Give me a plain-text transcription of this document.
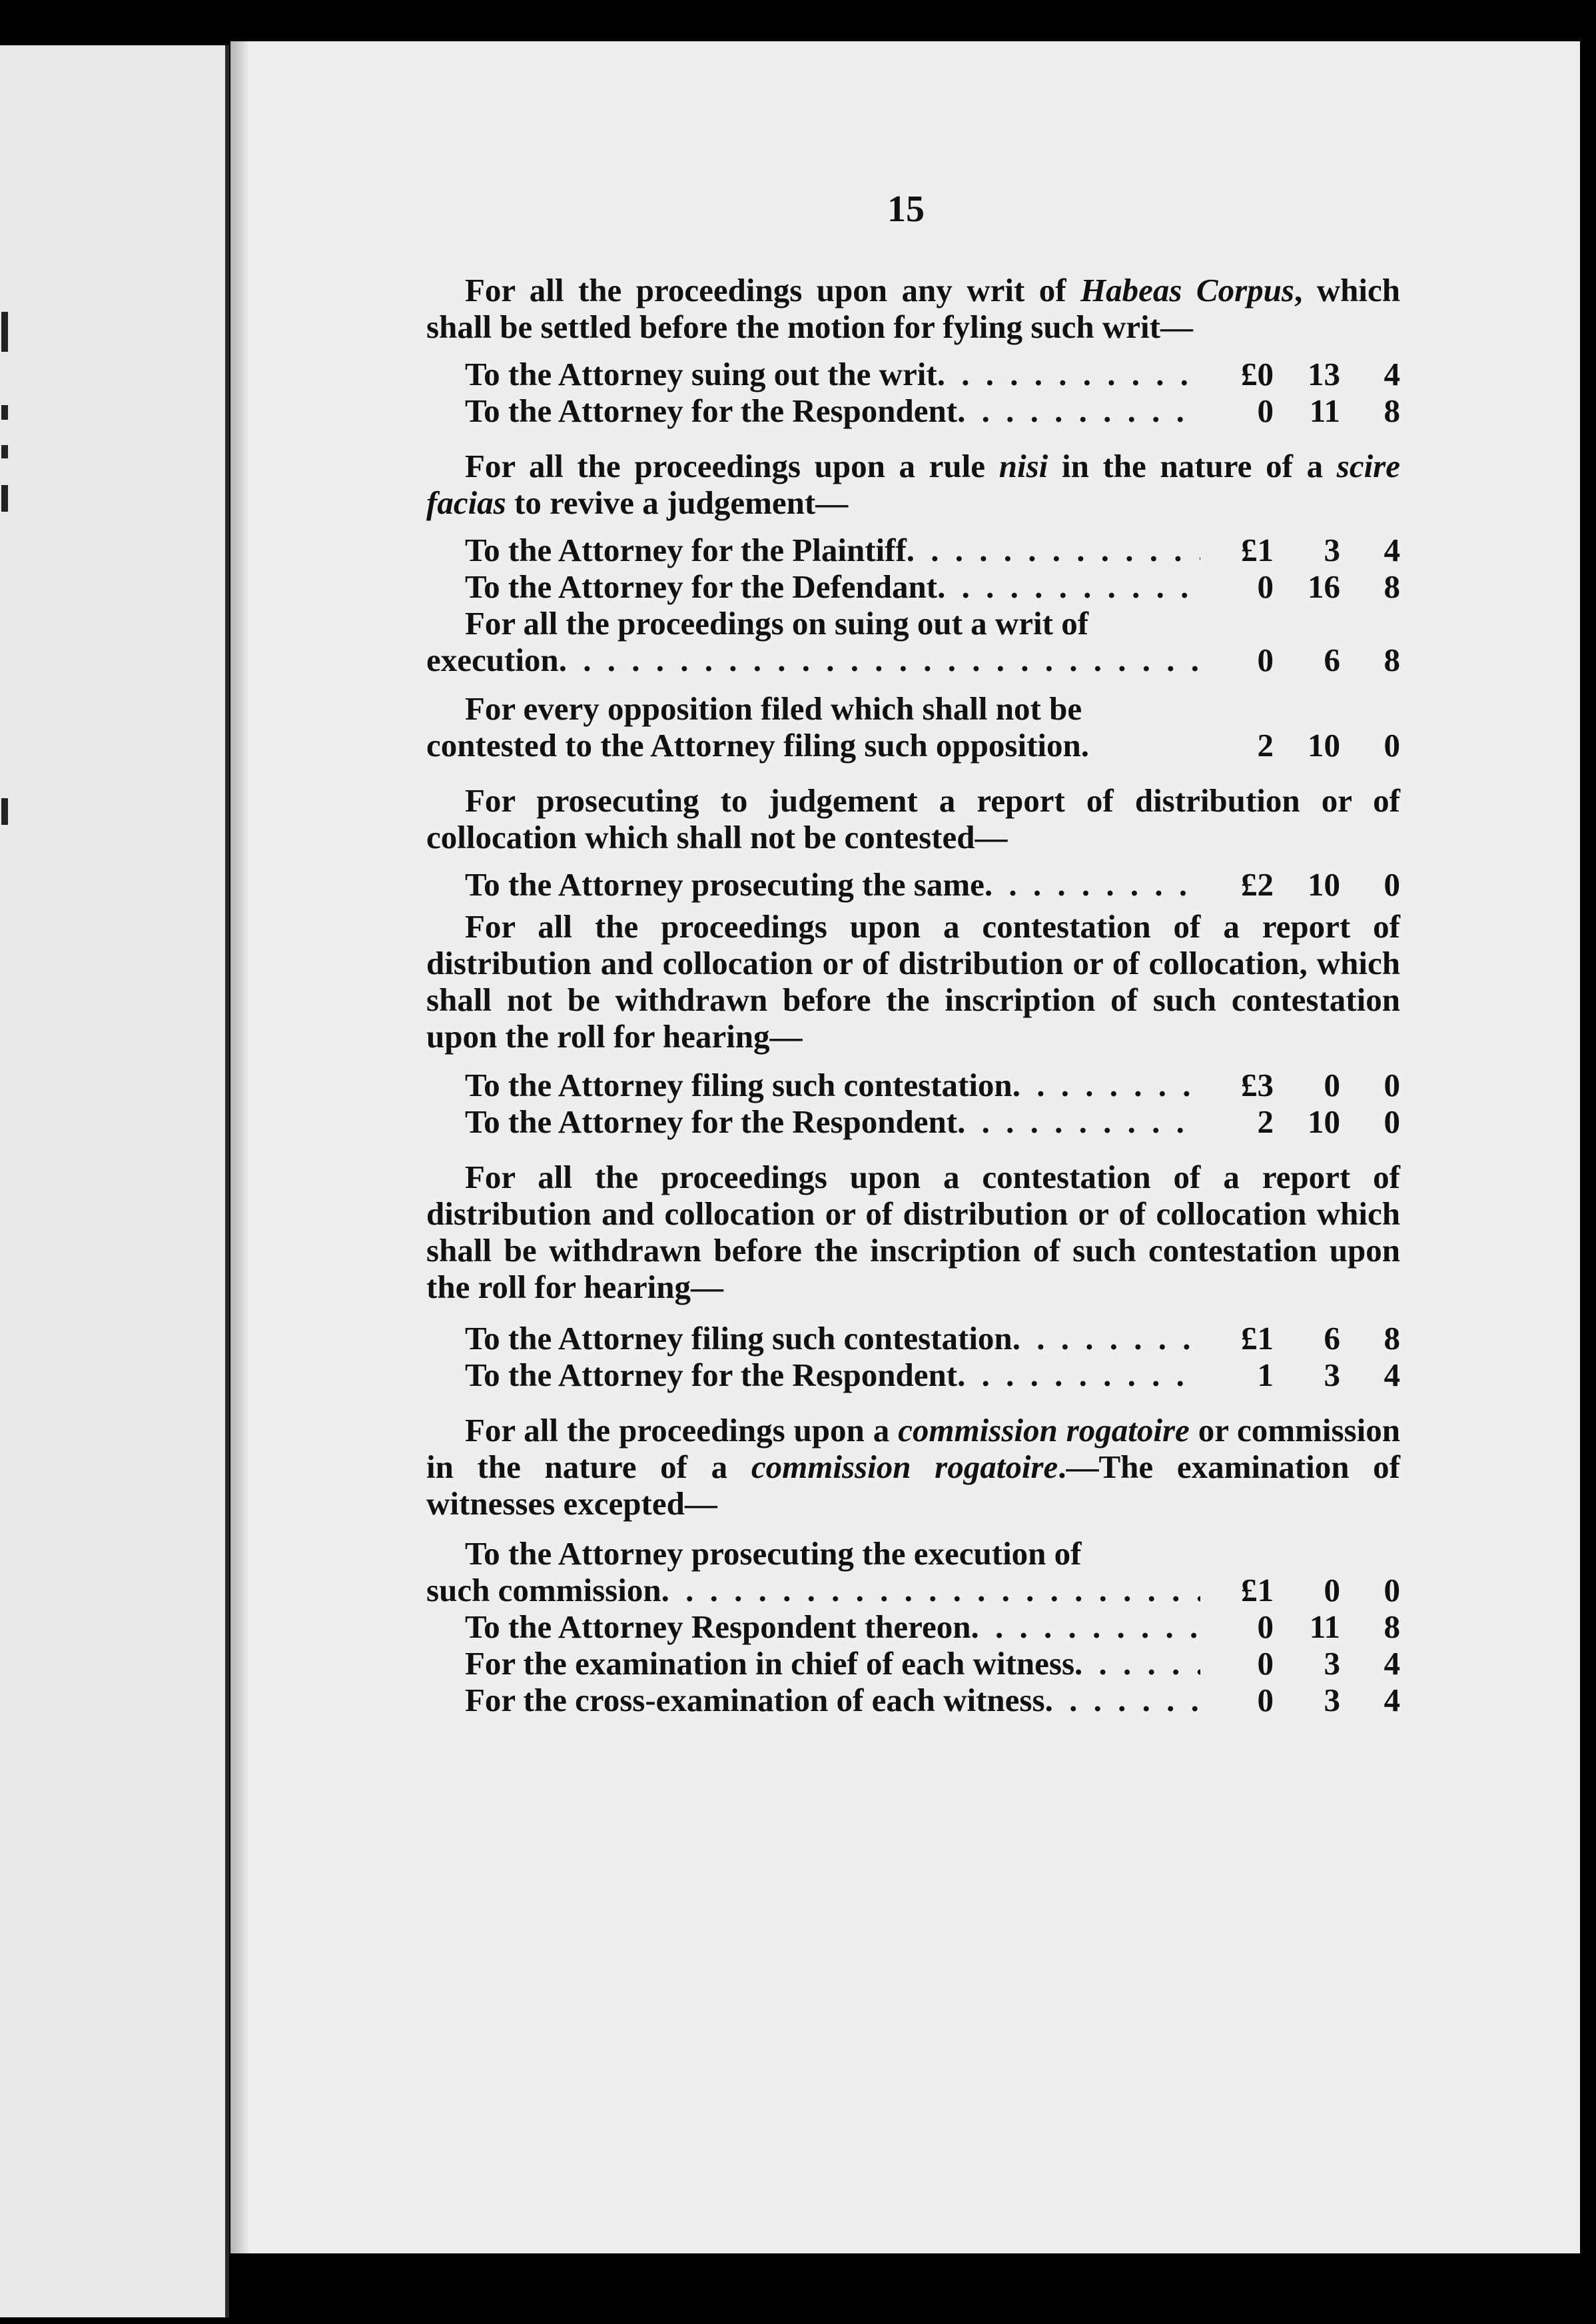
15

For all the proceedings upon any writ of Habeas Corpus, which shall be settled before the motion for fyling such writ—

To the Attorney suing out the writ . . .	£0	13	4
To the Attorney for the Respondent . . .	0	11	8

For all the proceedings upon a rule nisi in the nature of a scire facias to revive a judgement—

To the Attorney for the Plaintiff . . .	£1	3	4
To the Attorney for the Defendant . . .	0	16	8

For all the proceedings on suing out a writ of

execution . . .	0	6	8

For every opposition filed which shall not be

contested to the Attorney filing such opposition.	2	10	0

For prosecuting to judgement a report of distribution or of collocation which shall not be contested—

To the Attorney prosecuting the same . . .	£2	10	0

For all the proceedings upon a contestation of a report of distribution and collocation or of distribution or of collocation, which shall not be withdrawn before the inscription of such contestation upon the roll for hearing—

To the Attorney filing such contestation . . .	£3	0	0
To the Attorney for the Respondent . . .	2	10	0

For all the proceedings upon a contestation of a report of distribution and collocation or of distribution or of collocation which shall be withdrawn before the inscription of such contestation upon the roll for hearing—

To the Attorney filing such contestation . . .	£1	6	8
To the Attorney for the Respondent . . .	1	3	4

For all the proceedings upon a commission rogatoire or commission in the nature of a commission rogatoire.—The examination of witnesses excepted—

To the Attorney prosecuting the execution of

such commission . . .	£1	0	0
To the Attorney Respondent thereon . . .	0	11	8
For the examination in chief of each witness . . .	0	3	4
For the cross-examination of each witness . . .	0	3	4
